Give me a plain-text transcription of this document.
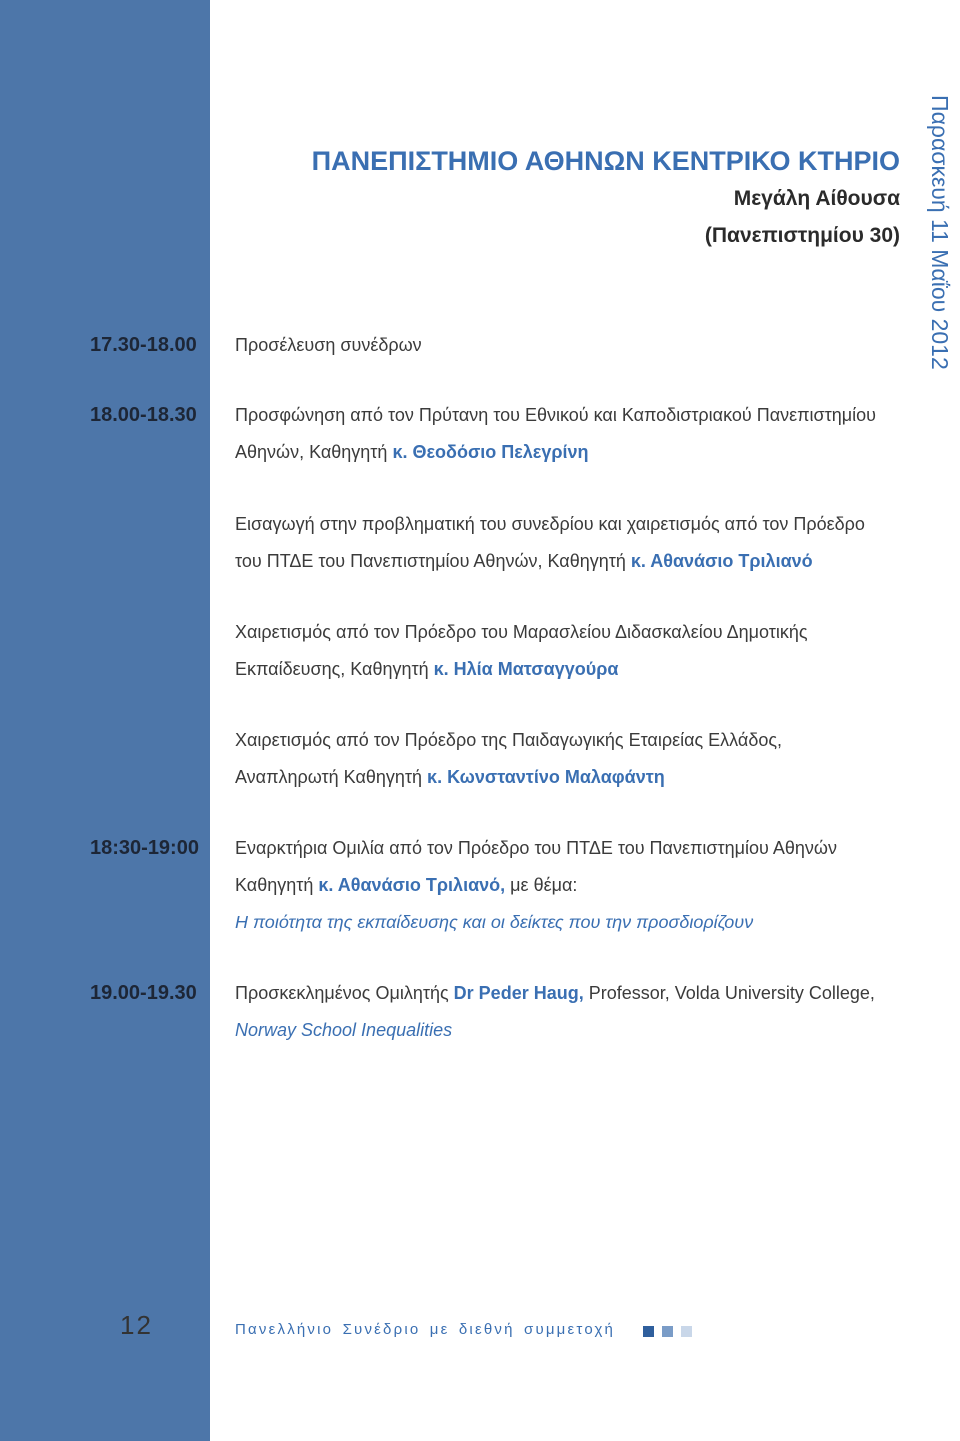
Παρασκευή 11 Μαΐου 2012
ΠΑΝΕΠΙΣΤΗΜΙΟ ΑΘΗΝΩΝ ΚΕΝΤΡΙΚΟ ΚΤΗΡΙΟ
Μεγάλη Αίθουσα
(Πανεπιστημίου 30)
17.30-18.00 Προσέλευση συνέδρων
18.00-18.30 Προσφώνηση από τον Πρύτανη του Εθνικού και Καποδιστριακού Πανεπιστημίου
Αθηνών, Καθηγητή κ. Θεοδόσιο Πελεγρίνη
Εισαγωγή στην προβληματική του συνεδρίου και χαιρετισμός από τον Πρόεδρο
του ΠΤΔΕ του Πανεπιστημίου Αθηνών, Καθηγητή κ. Αθανάσιο Τριλιανό
Χαιρετισμός από τον Πρόεδρο του Μαρασλείου Διδασκαλείου Δημοτικής
Εκπαίδευσης, Καθηγητή κ. Ηλία Ματσαγγούρα
Χαιρετισμός από τον Πρόεδρο της Παιδαγωγικής Εταιρείας Ελλάδος,
Αναπληρωτή Καθηγητή κ. Κωνσταντίνο Μαλαφάντη
18:30-19:00 Εναρκτήρια Ομιλία από τον Πρόεδρο του ΠΤΔΕ του Πανεπιστημίου Αθηνών
Καθηγητή κ. Αθανάσιο Τριλιανό, με θέμα:
Η ποιότητα της εκπαίδευσης και οι δείκτες που την προσδιορίζουν
19.00-19.30 Προσκεκλημένος Ομιλητής Dr Peder Haug, Professor, Volda University College,
Norway School Inequalities
12	Πανελλήνιο Συνέδριο με διεθνή συμμετοχή
